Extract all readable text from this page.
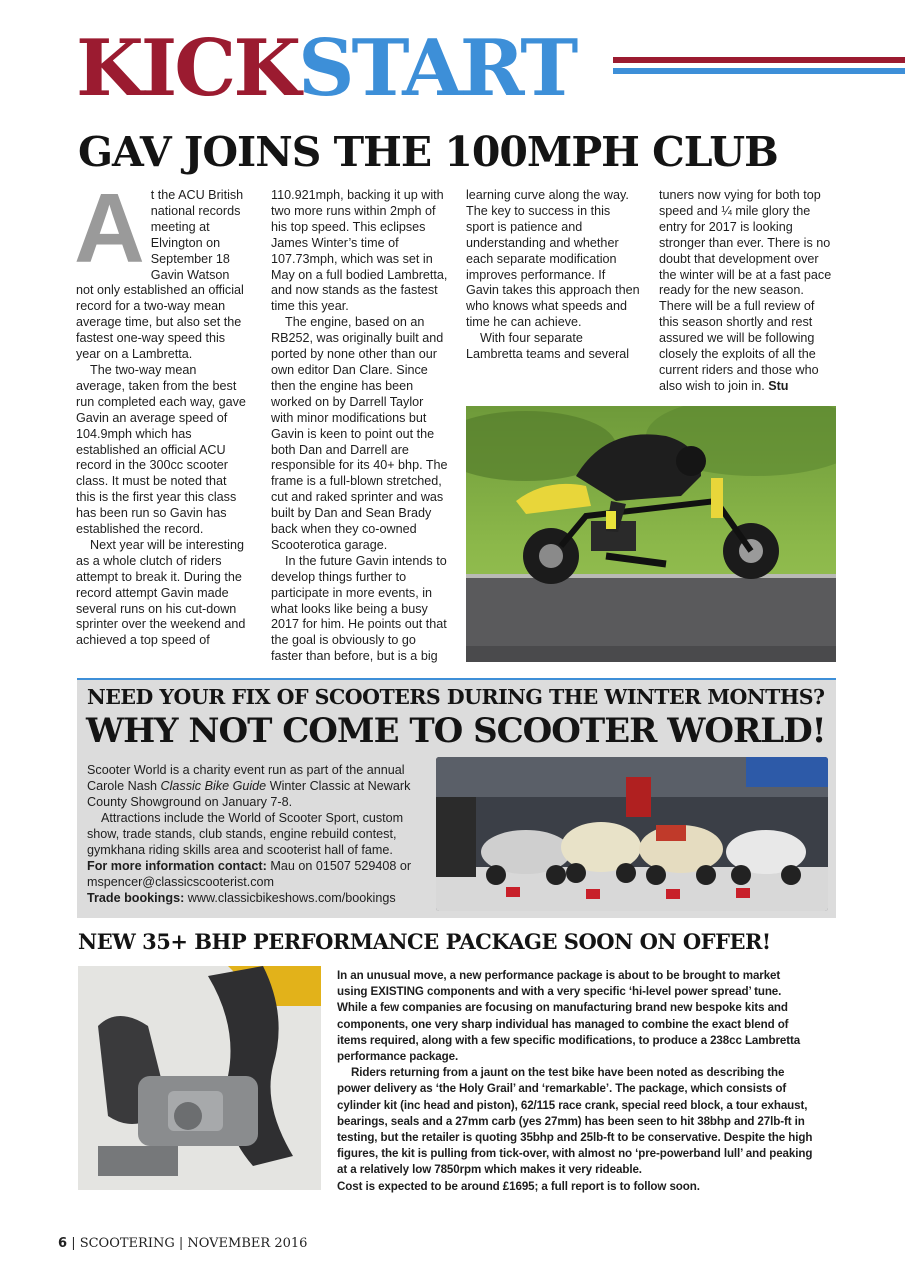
KICKSTART
GAV JOINS THE 100MPH CLUB
A t the ACU British national records meeting at Elvington on September 18 Gavin Watson not only established an official record for a two-way mean average time, but also set the fastest one-way speed this year on a Lambretta.

The two-way mean average, taken from the best run completed each way, gave Gavin an average speed of 104.9mph which has established an official ACU record in the 300cc scooter class. It must be noted that this is the first year this class has been run so Gavin has established the record.

Next year will be interesting as a whole clutch of riders attempt to break it. During the record attempt Gavin made several runs on his cut-down sprinter over the weekend and achieved a top speed of

110.921mph, backing it up with two more runs within 2mph of his top speed. This eclipses James Winter’s time of 107.73mph, which was set in May on a full bodied Lambretta, and now stands as the fastest time this year.

The engine, based on an RB252, was originally built and ported by none other than our own editor Dan Clare. Since then the engine has been worked on by Darrell Taylor with minor modifications but Gavin is keen to point out the both Dan and Darrell are responsible for its 40+ bhp. The frame is a full-blown stretched, cut and raked sprinter and was built by Dan and Sean Brady back when they co-owned Scooterotica garage.

In the future Gavin intends to develop things further to participate in more events, in what looks like being a busy 2017 for him. He points out that the goal is obviously to go faster than before, but is a big

learning curve along the way. The key to success in this sport is patience and understanding and whether each separate modification improves performance. If Gavin takes this approach then who knows what speeds and time he can achieve.

With four separate Lambretta teams and several

tuners now vying for both top speed and ¼ mile glory the entry for 2017 is looking stronger than ever. There is no doubt that development over the winter will be at a fast pace ready for the new season. There will be a full review of this season shortly and rest assured we will be following closely the exploits of all the current riders and those who also wish to join in. Stu

NEED YOUR FIX OF SCOOTERS DURING THE WINTER MONTHS?
WHY NOT COME TO SCOOTER WORLD!

Scooter World is a charity event run as part of the annual Carole Nash Classic Bike Guide Winter Classic at Newark County Showground on January 7-8.

Attractions include the World of Scooter Sport, custom show, trade stands, club stands, engine rebuild contest, gymkhana riding skills area and scooterist hall of fame.

For more information contact: Mau on 01507 529408 or mspencer@classicscooterist.com

Trade bookings: www.classicbikeshows.com/bookings

NEW 35+ BHP PERFORMANCE PACKAGE SOON ON OFFER!

In an unusual move, a new performance package is about to be brought to market using EXISTING components and with a very specific ‘hi-level power spread’ tune. While a few companies are focusing on manufacturing brand new bespoke kits and components, one very sharp individual has managed to combine the exact blend of items required, along with a few specific modifications, to produce a 238cc Lambretta performance package.

Riders returning from a jaunt on the test bike have been noted as describing the power delivery as ‘the Holy Grail’ and ‘remarkable’. The package, which consists of cylinder kit (inc head and piston), 62/115 race crank, special reed block, a tour exhaust, bearings, seals and a 27mm carb (yes 27mm) has been seen to hit 38bhp and 27lb-ft in testing, but the retailer is quoting 35bhp and 25lb-ft to be conservative. Despite the high figures, the kit is pulling from tick-over, with almost no ‘pre-powerband lull’ and peaking at a relatively low 7850rpm which makes it very rideable.

Cost is expected to be around £1695; a full report is to follow soon.

6 | SCOOTERING | NOVEMBER 2016
